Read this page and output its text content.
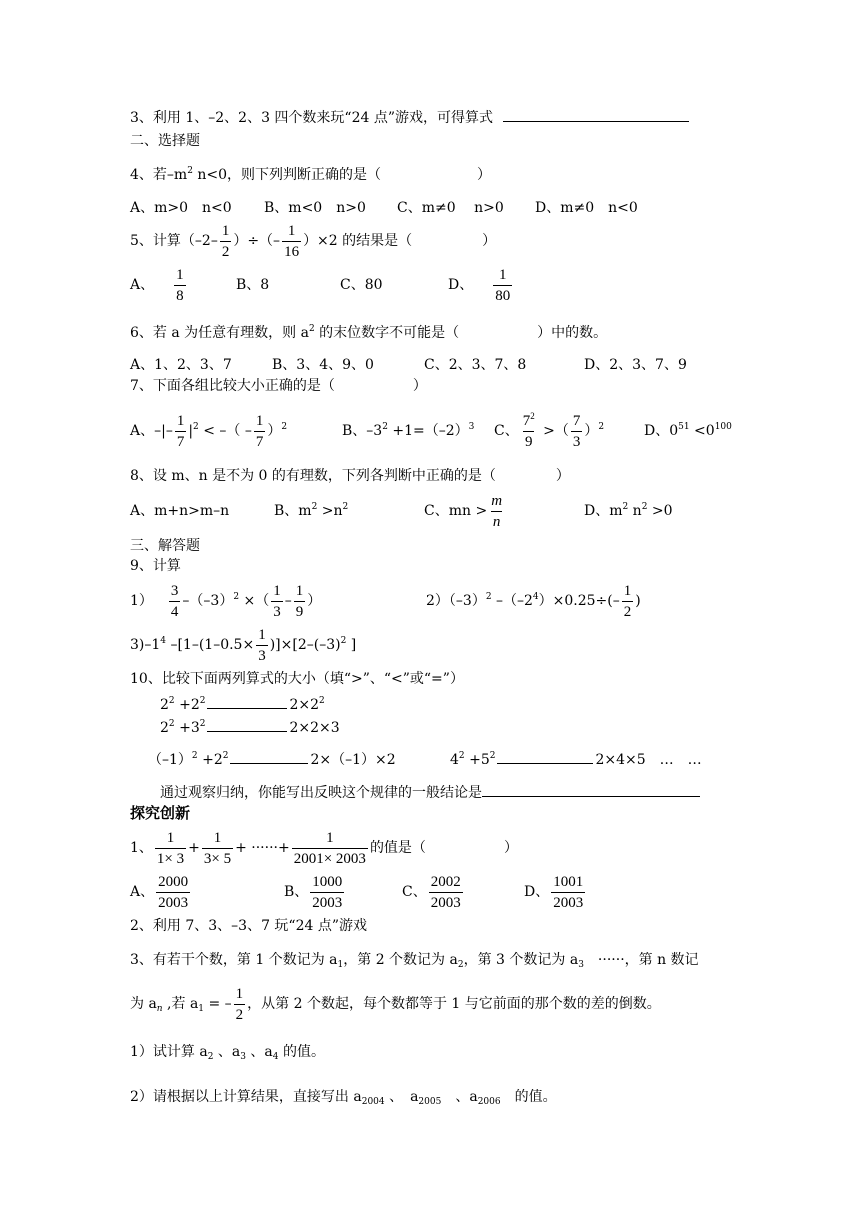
3、利用 1、–2、2、3 四个数来玩“24 点”游戏，可得算式
二、选择题
4、若$-m^2$ n<0，则下列判断正确的是（	）
A、m>0　n<0 B、m<0　n>0 C、m≠0　 n>0 D、m≠0　n<0
5、计算（$-2- \frac{1}{2}$ ）÷（– $\frac{1}{16} )\times 2$ 的结果是（	）
A、 $\frac{1}{8}$	B、8	C、80	D、 $\frac{1}{80}$
6、若 a 为任意有理数，则 $a^2$ 的末位数字不可能是（	）中的数。
A、1、2、3、7	B、3、4、9、0	C、2、3、7、8	D、2、3、7、9
7、下面各组比较大小正确的是（	）
A、–|– $\frac{1}{7} |^2$ < –（ – $\frac{1}{7} )^2$	B、$-3^2 +1=(-2)^3$ C、 $\frac{7^2}{9}$ >（ $\frac{7}{3} )^2$	D、$0^{51} <0^{100}$
8、设 m、n 是不为 0 的有理数，下列各判断中正确的是（	）
A、m+n>m–n	B、$m^2 >n^2$	C、mn > $\frac{m}{n}$	D、$m^2$ $n^2 >0$
三、解答题
9、计算
$1) \frac{3}{4} -(-3)^2$ ×（ $\frac{1}{3} - \frac{1}{9}$ ）	$2)(-3)^2$ $-(-2^4)\times 0.25\div(- \frac{1}{2}$ )
$3)-1^4$ $-[1-(1-0.5\times \frac{1}{3} )]\times[2-(-3)^2$ ]
10、比较下面两列算式的大小（填“>”、“<”或“=”）
$2^2 +2^2$	$2\times 2^2$
$2^2 +3^2$	2×2×3
$(-1)^2 +2^2$	2×（–1）×2	$4^2 +5^2$	2×4×5　…　…
通过观察归纳，你能写出反映这个规律的一般结论是
探究创新
1、 $\frac{1}{1\times 3} + \frac{1}{3\times 5}$ + ······+ $\frac{1}{2001\times 2003}$ 的值是（	）
A、 $\frac{2000}{2003}$	B、 $\frac{1000}{2003}$	C、 $\frac{2002}{2003}$	D、 $\frac{1001}{2003}$
2、利用 7、3、–3、7 玩“24 点”游戏
3、有若干个数，第 1 个数记为 $a_1$，第 2 个数记为 $a_2$，第 3 个数记为 $a_3$　······，第 n 数记
为 $a_n$ ,若 $a_1$ = – $\frac{1}{2}$ ，从第 2 个数起，每个数都等于 1 与它前面的那个数的差的倒数。
1）试计算 $a_2$ 、$a_3$ 、$a_4$ 的值。
2）请根据以上计算结果，直接写出 $a_{2004}$ 、　$a_{2005}$　、$a_{2006}$　的值。
